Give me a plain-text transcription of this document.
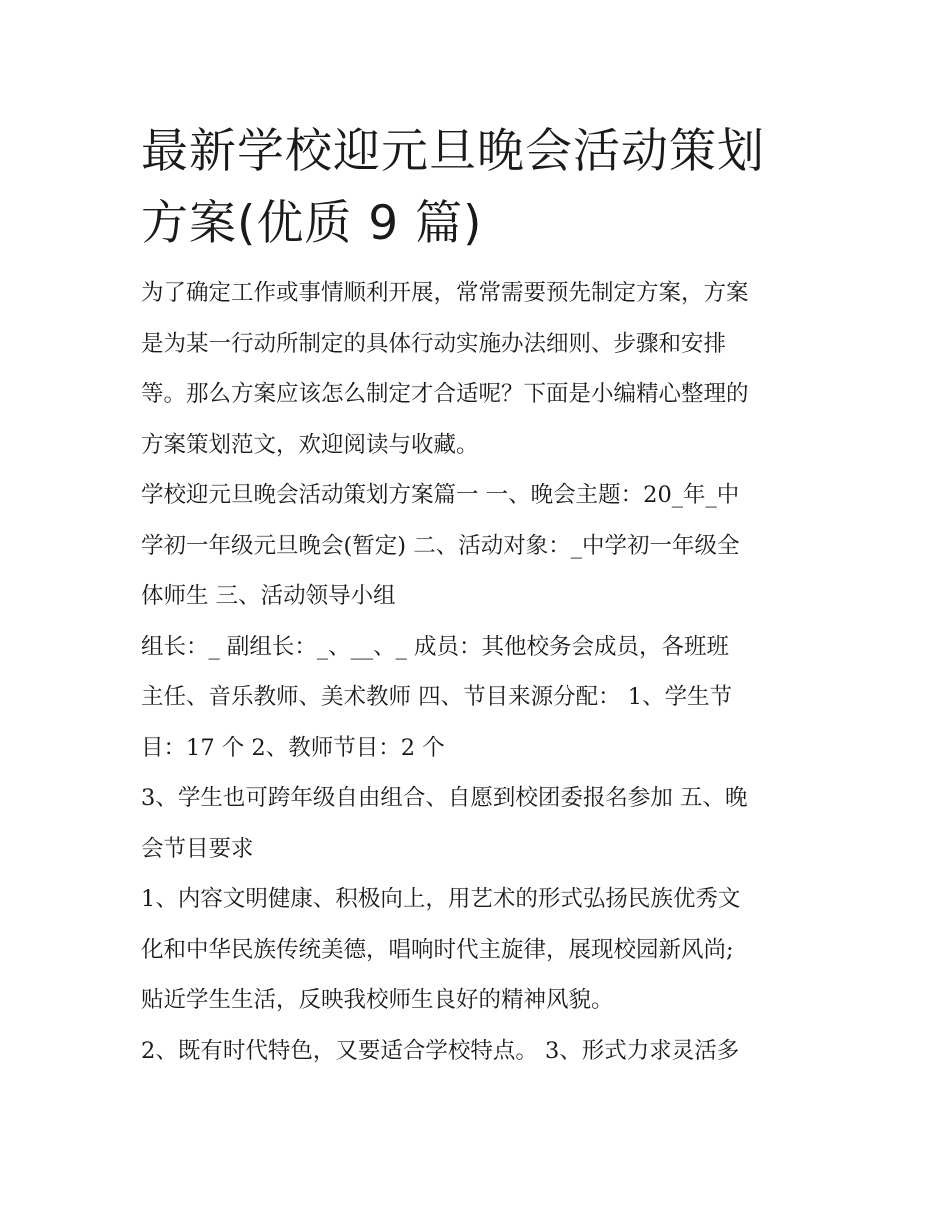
最新学校迎元旦晚会活动策划
方案(优质 9 篇)

为了确定工作或事情顺利开展，常常需要预先制定方案，方案
是为某一行动所制定的具体行动实施办法细则、步骤和安排
等。那么方案应该怎么制定才合适呢？下面是小编精心整理的
方案策划范文，欢迎阅读与收藏。

学校迎元旦晚会活动策划方案篇一 一、晚会主题：20_年_中
学初一年级元旦晚会(暂定) 二、活动对象：_中学初一年级全
体师生 三、活动领导小组

组长：_ 副组长：_、__、_ 成员：其他校务会成员，各班班
主任、音乐教师、美术教师 四、节目来源分配： 1、学生节
目：17 个 2、教师节目：2 个

3、学生也可跨年级自由组合、自愿到校团委报名参加 五、晚
会节目要求

1、内容文明健康、积极向上，用艺术的形式弘扬民族优秀文
化和中华民族传统美德，唱响时代主旋律，展现校园新风尚;
贴近学生生活，反映我校师生良好的精神风貌。

2、既有时代特色，又要适合学校特点。 3、形式力求灵活多
